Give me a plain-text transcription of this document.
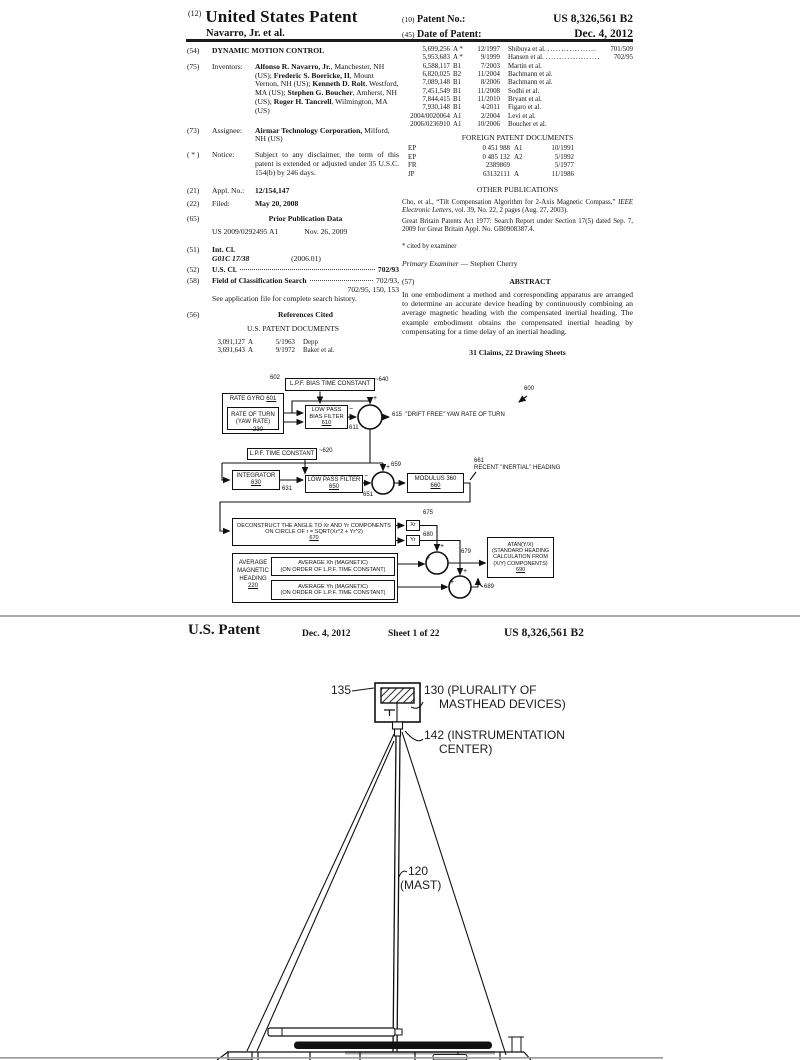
$^{(12)}$ United States Patent
Navarro, Jr. et al.
(10) Patent No.:	US 8,326,561 B2
(45) Date of Patent:	Dec. 4, 2012
(54)	DYNAMIC MOTION CONTROL
(75)	Inventors:	Alfonso R. Navarro, Jr., Manchester, NH (US); Frederic S. Boericke, II, Mount Vernon, NH (US); Kenneth D. Rolt, Westford, MA (US); Stephen G. Boucher, Amherst, NH (US); Roger H. Tancrell, Wilmington, MA (US)
(73)	Assignee:	Airmar Technology Corporation, Milford, NH (US)
( * )	Notice:	Subject to any disclaimer, the term of this patent is extended or adjusted under 35 U.S.C. 154(b) by 246 days.
(21)	Appl. No.:	12/154,147
(22)	Filed:	May 20, 2008
(65)	Prior Publication Data
US 2009/0292495 A1	Nov. 26, 2009
(51)	Int. Cl.
G01C 17/38	(2006.01)
(52)	U.S. Cl.	702/93
(58)	Field of Classification Search	702/93,
702/95, 150, 153
See application file for complete search history.
(56)	References Cited
U.S. PATENT DOCUMENTS
3,091,127 A	5/1963	Depp
3,691,643 A	9/1972	Baker et al.
5,699,256 A *	12/1997	Shibuya et al. ..................	701/509
5,953,683 A *	9/1999	Hansen et al. ....................	702/95
6,588,117 B1	7/2003	Martin et al.
6,820,025 B2	11/2004	Bachmann et al.
7,089,148 B1	8/2006	Bachmann et al.
7,451,549 B1	11/2008	Sodhi et al.
7,844,415 B1	11/2010	Bryant et al.
7,930,148 B1	4/2011	Figaro et al.
2004/0020064 A1	2/2004	Levi et al.
2006/0236910 A1	10/2006	Boucher et al.
FOREIGN PATENT DOCUMENTS
EP	0 451 988 A1	10/1991
EP	0 485 132 A2	5/1992
FR	2389869	5/1977
JP	63132111 A	11/1986
OTHER PUBLICATIONS
Cho, et al., “Tilt Compensation Algorithm for 2-Axis Magnetic Compass,” IEEE Electronic Letters, vol. 39, No. 22, 2 pages (Aug. 27, 2003).
Great Britain Patents Act 1977: Search Report under Section 17(5) dated Sep. 7, 2009 for Great Britain Appl. No. GB0908387.4.
* cited by examiner
Primary Examiner — Stephen Cherry
(57)	ABSTRACT
In one embodiment a method and corresponding apparatus are arranged to determine an accurate device heading by continuously combining an average magnetic heading with the compensated inertial heading. The example embodiment obtains the compensated inertial heading by compensating for a time delay of an inertial heading.
31 Claims, 22 Drawing Sheets
+
−
+
−
+
+
+
+
L.P.F. BIAS TIME CONSTANT
RATE GYRO 601
RATE OF TURN
(YAW RATE)
LOW PASS
BIAS FILTER
610
L.P.F. TIME CONSTANT
INTEGRATOR
630	LOW PASS FILTER
650
MODULUS 360
660
DECONSTRUCT THE ANGLE TO Xr AND Yr COMPONENTS
ON CIRCLE OF r = SQRT(Xr^2 + Yr^2)
670
Xr
Yr
AVERAGE
MAGNETIC
HEADING
220
AVERAGE Xh (MAGNETIC)
(ON ORDER OF L.P.F. TIME CONSTANT)
AVERAGE Yh (MAGNETIC)
(ON ORDER OF L.P.F. TIME CONSTANT)
ATAN(Y/X)
(STANDARD HEADING
CALCULATION FROM
(X/Y) COMPONENTS)
690
~640
602
230	611
615 "DRIFT FREE" YAW RATE OF TURN
600
~620
631
651
659
661
RECENT "INERTIAL" HEADING
675
680
679
689
U.S. Patent	Dec. 4, 2012	Sheet 1 of 22	US 8,326,561 B2
135	130 (PLURALITY OF
MASTHEAD DEVICES)
142 (INSTRUMENTATION
CENTER)
120
(MAST)
